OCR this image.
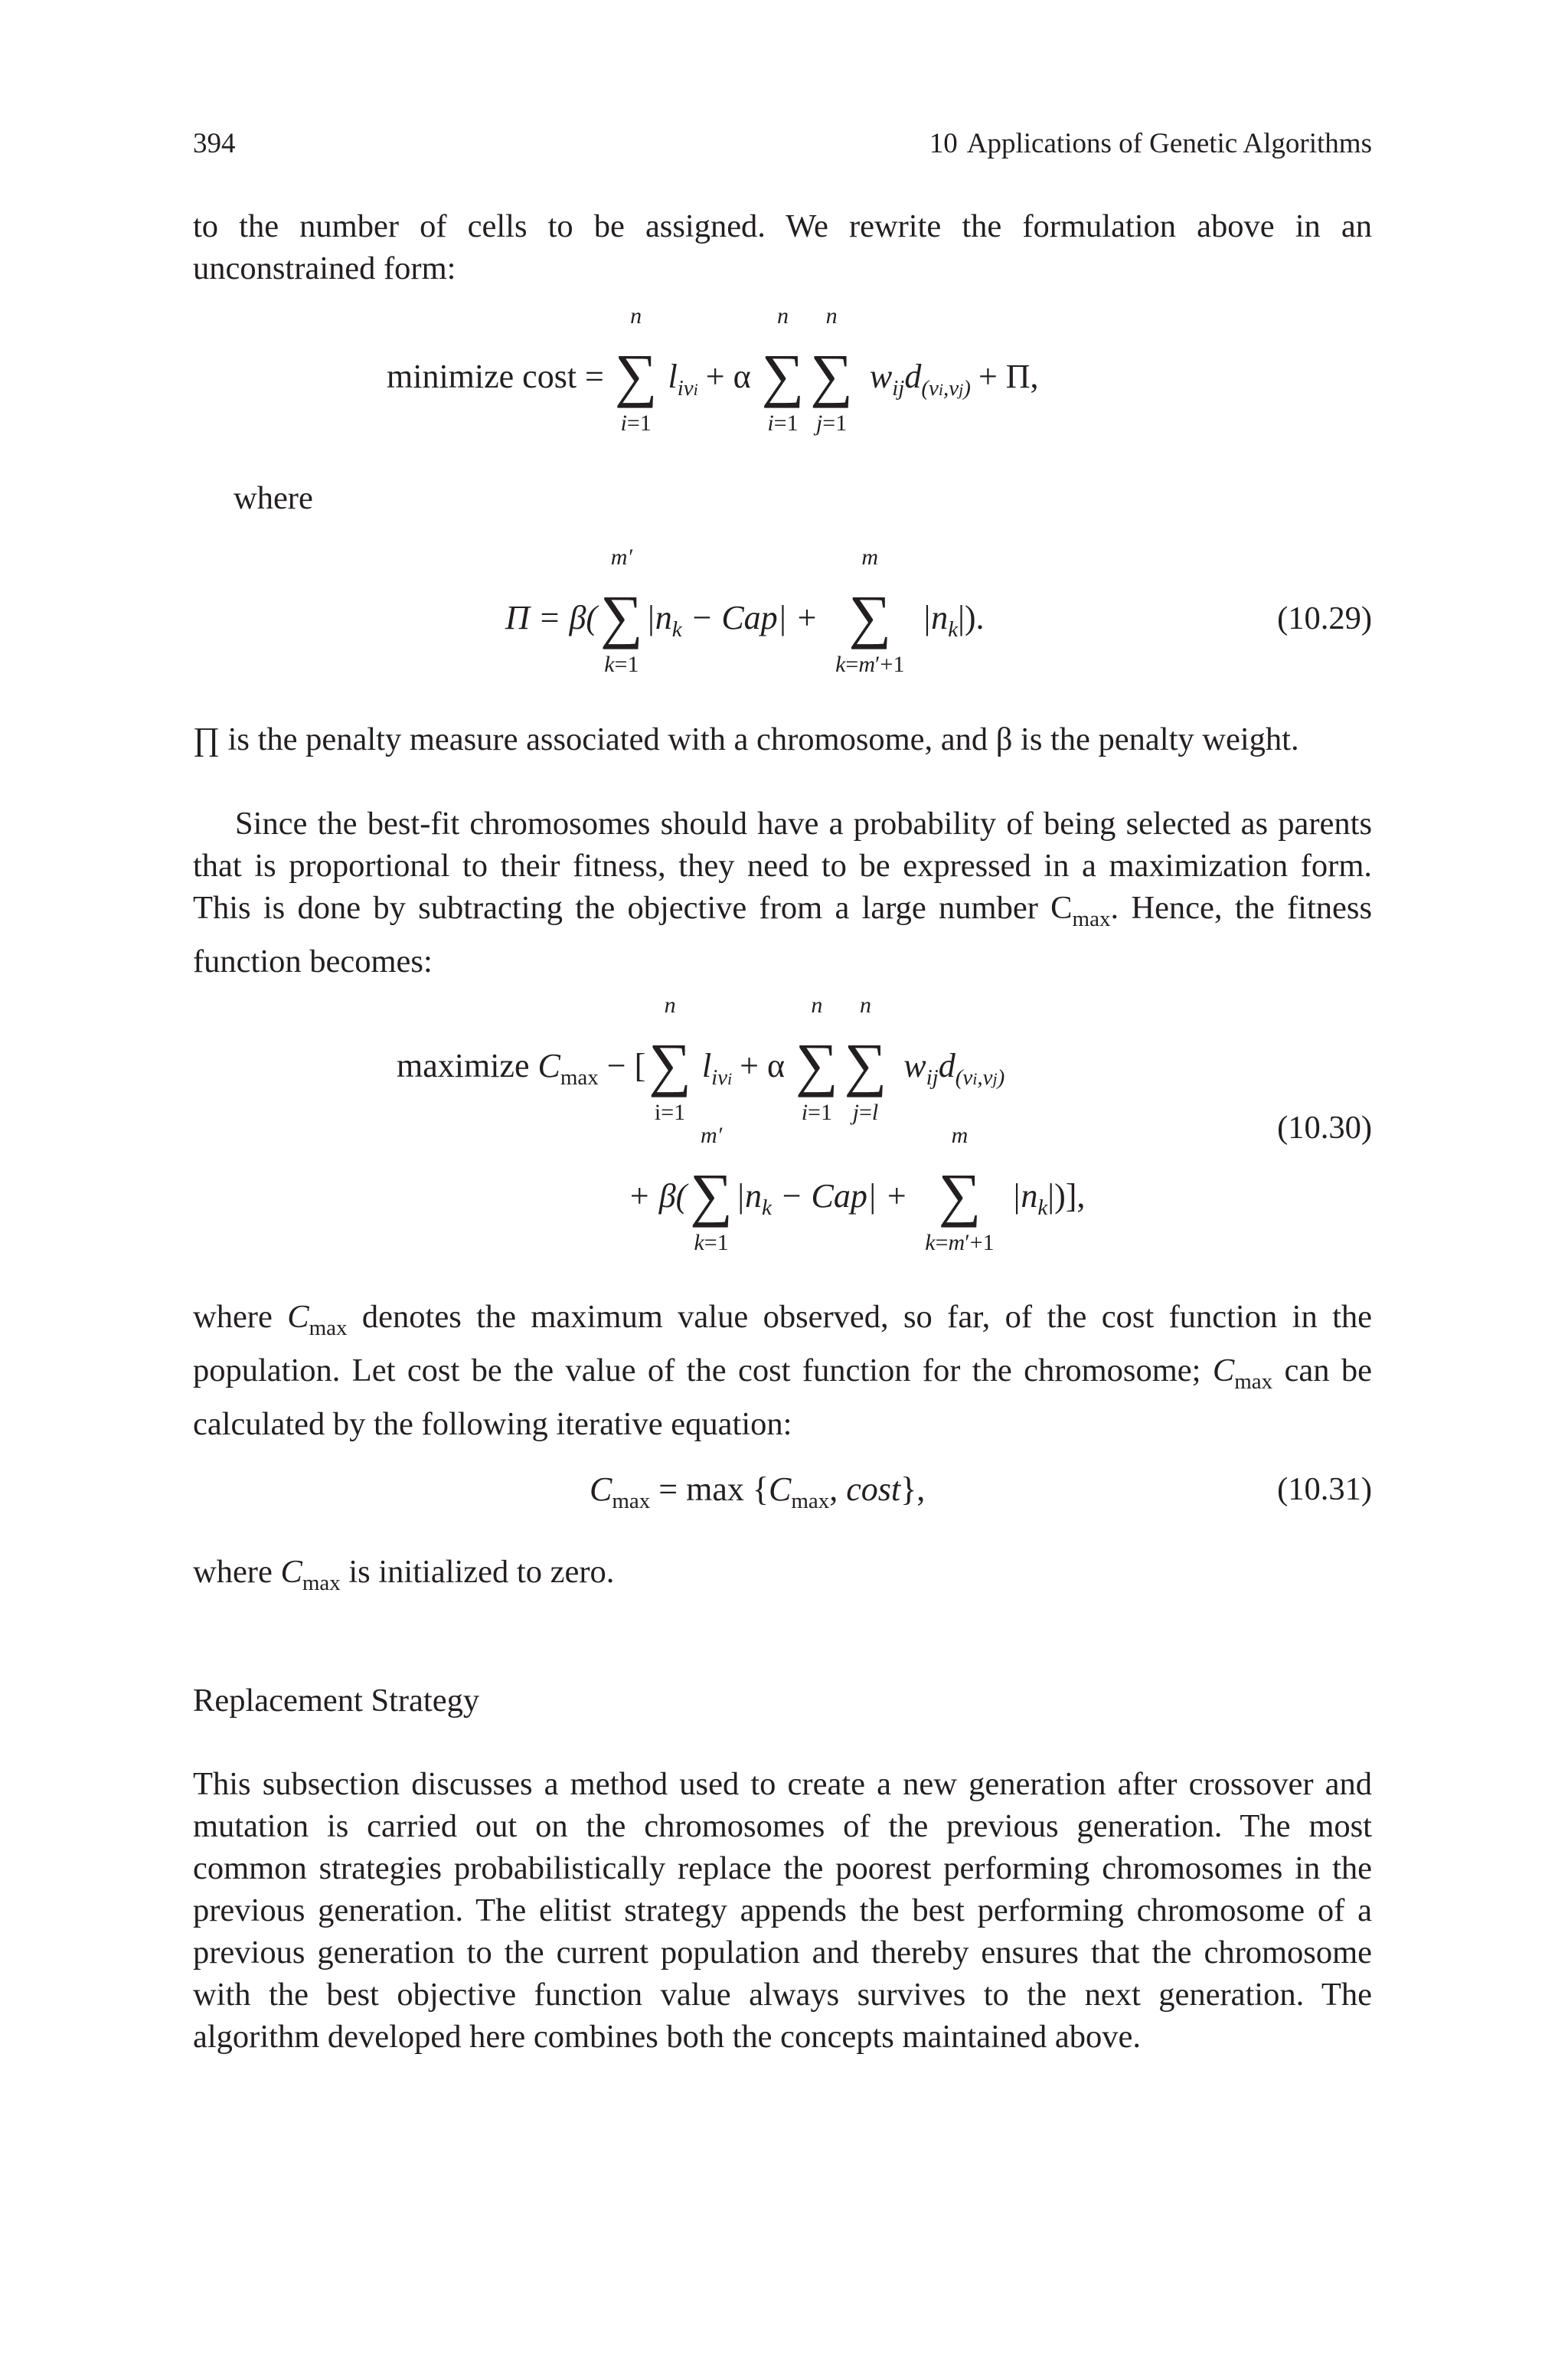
394	10 Applications of Genetic Algorithms

to the number of cells to be assigned. We rewrite the formulation above in an unconstrained form:

minimize cost = ∑
n
i=1
$l_{ivi} + \alpha$ ∑
n
i=1
∑
n
j=1
$w_{ij}d_{(vi,vj)} + \Pi$,
where
Π = β(∑
m′
k=1
$|n_k - Cap|$ + ∑
m
k=m′+1
$|n_k|$).	(10.29)

∏ is the penalty measure associated with a chromosome, and β is the penalty weight.

Since the best-fit chromosomes should have a probability of being selected as parents that is proportional to their fitness, they need to be expressed in a maximization form. This is done by subtracting the objective from a large number $C_{max}$. Hence, the fitness function becomes:

maximize $C_{max}$ − [∑
n
i=1
$l_{ivi} + \alpha$ ∑
n
i=1
∑
n
j=l
$w_{ij}d_{(vi,vj)}$
+ β(∑
m′
k=1
$|n_k - Cap|$ + ∑
m
k=m′+1
$|n_k|$)],
(10.30)

where $C_{max}$ denotes the maximum value observed, so far, of the cost function in the population. Let cost be the value of the cost function for the chromosome; $C_{max}$ can be calculated by the following iterative equation:

$C_{max} = \max \{C_{max}$, cost},	(10.31)

where $C_{max}$ is initialized to zero.

Replacement Strategy

This subsection discusses a method used to create a new generation after crossover and mutation is carried out on the chromosomes of the previous generation. The most common strategies probabilistically replace the poorest performing chromosomes in the previous generation. The elitist strategy appends the best performing chromosome of a previous generation to the current population and thereby ensures that the chromosome with the best objective function value always survives to the next generation. The algorithm developed here combines both the concepts maintained above.
